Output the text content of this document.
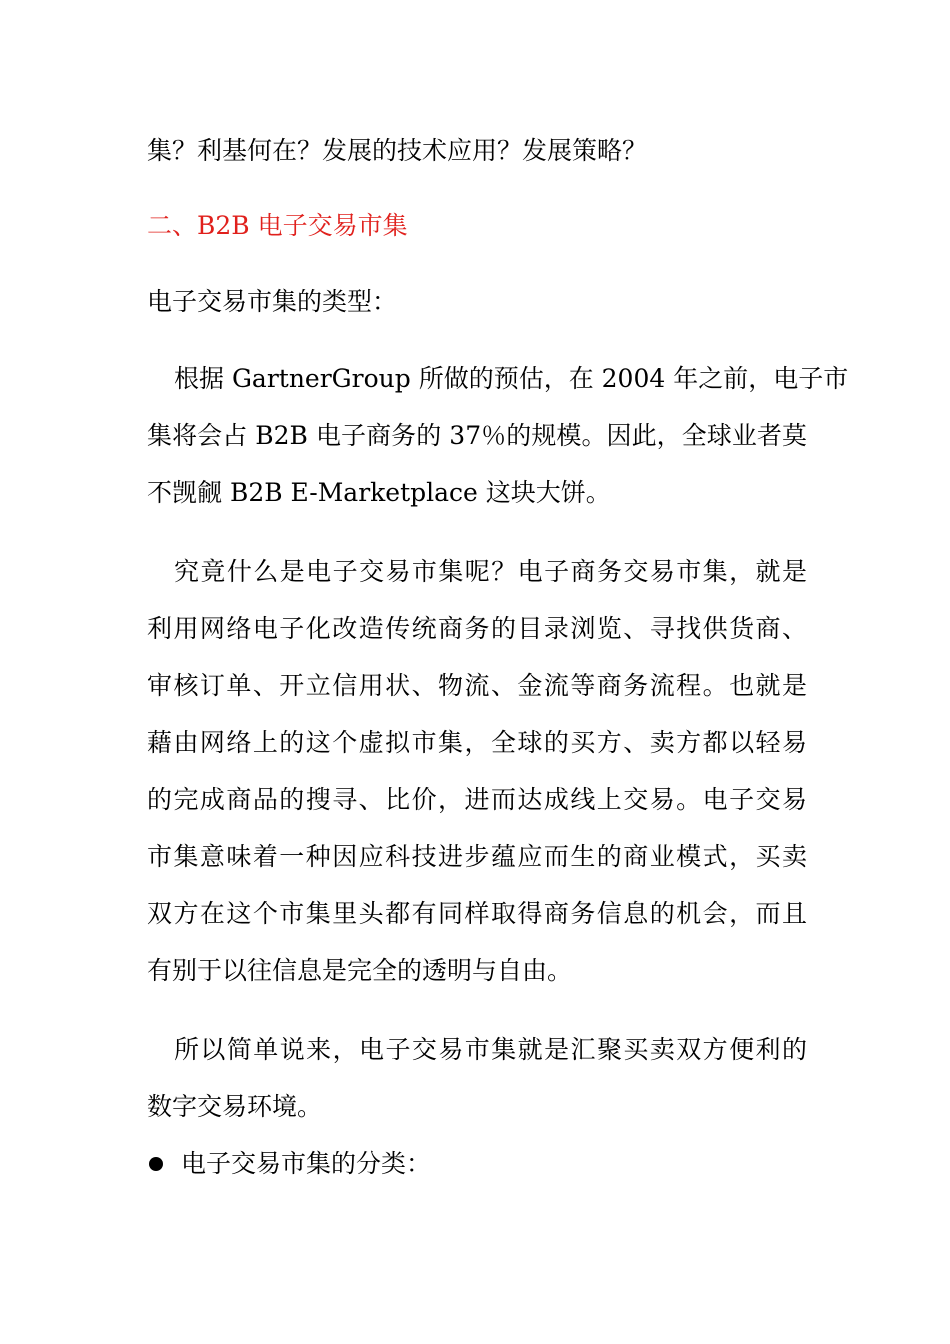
集？利基何在？发展的技术应用？发展策略？
二、B2B 电子交易市集
电子交易市集的类型：
根据 GartnerGroup 所做的预估，在 2004 年之前，电子市
集将会占 B2B 电子商务的 37％的规模。因此，全球业者莫
不觊觎 B2B E-Marketplace 这块大饼。
究竟什么是电子交易市集呢？电子商务交易市集，就是
利用网络电子化改造传统商务的目录浏览、寻找供货商、
审核订单、开立信用状、物流、金流等商务流程。也就是
藉由网络上的这个虚拟市集，全球的买方、卖方都以轻易
的完成商品的搜寻、比价，进而达成线上交易。电子交易
市集意味着一种因应科技进步蕴应而生的商业模式，买卖
双方在这个市集里头都有同样取得商务信息的机会，而且
有别于以往信息是完全的透明与自由。
所以简单说来，电子交易市集就是汇聚买卖双方便利的
数字交易环境。
电子交易市集的分类：
